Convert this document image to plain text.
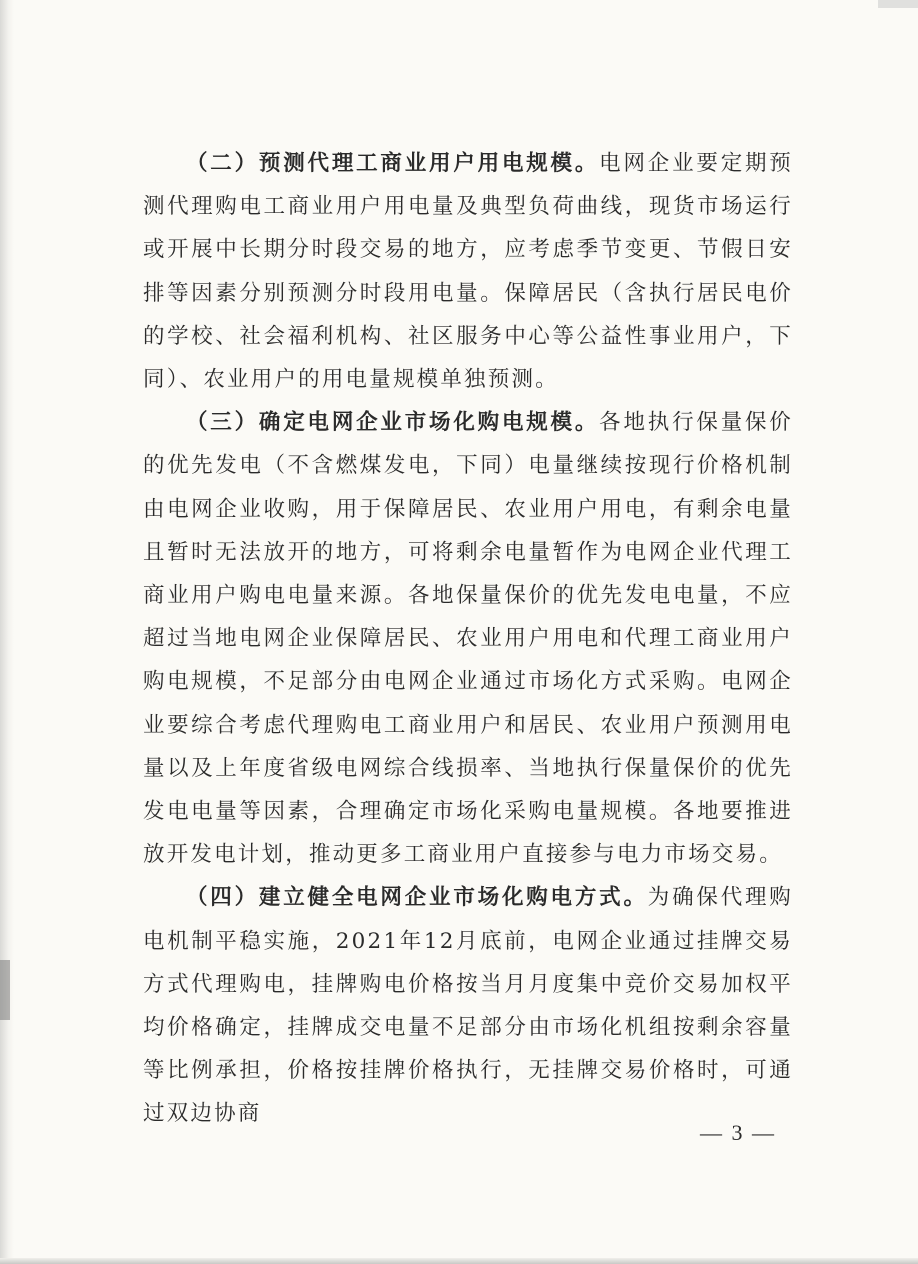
（二）预测代理工商业用户用电规模。电网企业要定期预测代理购电工商业用户用电量及典型负荷曲线，现货市场运行或开展中长期分时段交易的地方，应考虑季节变更、节假日安排等因素分别预测分时段用电量。保障居民（含执行居民电价的学校、社会福利机构、社区服务中心等公益性事业用户，下同）、农业用户的用电量规模单独预测。

（三）确定电网企业市场化购电规模。各地执行保量保价的优先发电（不含燃煤发电，下同）电量继续按现行价格机制由电网企业收购，用于保障居民、农业用户用电，有剩余电量且暂时无法放开的地方，可将剩余电量暂作为电网企业代理工商业用户购电电量来源。各地保量保价的优先发电电量，不应超过当地电网企业保障居民、农业用户用电和代理工商业用户购电规模，不足部分由电网企业通过市场化方式采购。电网企业要综合考虑代理购电工商业用户和居民、农业用户预测用电量以及上年度省级电网综合线损率、当地执行保量保价的优先发电电量等因素，合理确定市场化采购电量规模。各地要推进放开发电计划，推动更多工商业用户直接参与电力市场交易。

（四）建立健全电网企业市场化购电方式。为确保代理购电机制平稳实施，2021年12月底前，电网企业通过挂牌交易方式代理购电，挂牌购电价格按当月月度集中竞价交易加权平均价格确定，挂牌成交电量不足部分由市场化机组按剩余容量等比例承担，价格按挂牌价格执行，无挂牌交易价格时，可通过双边协商

— 3 —
